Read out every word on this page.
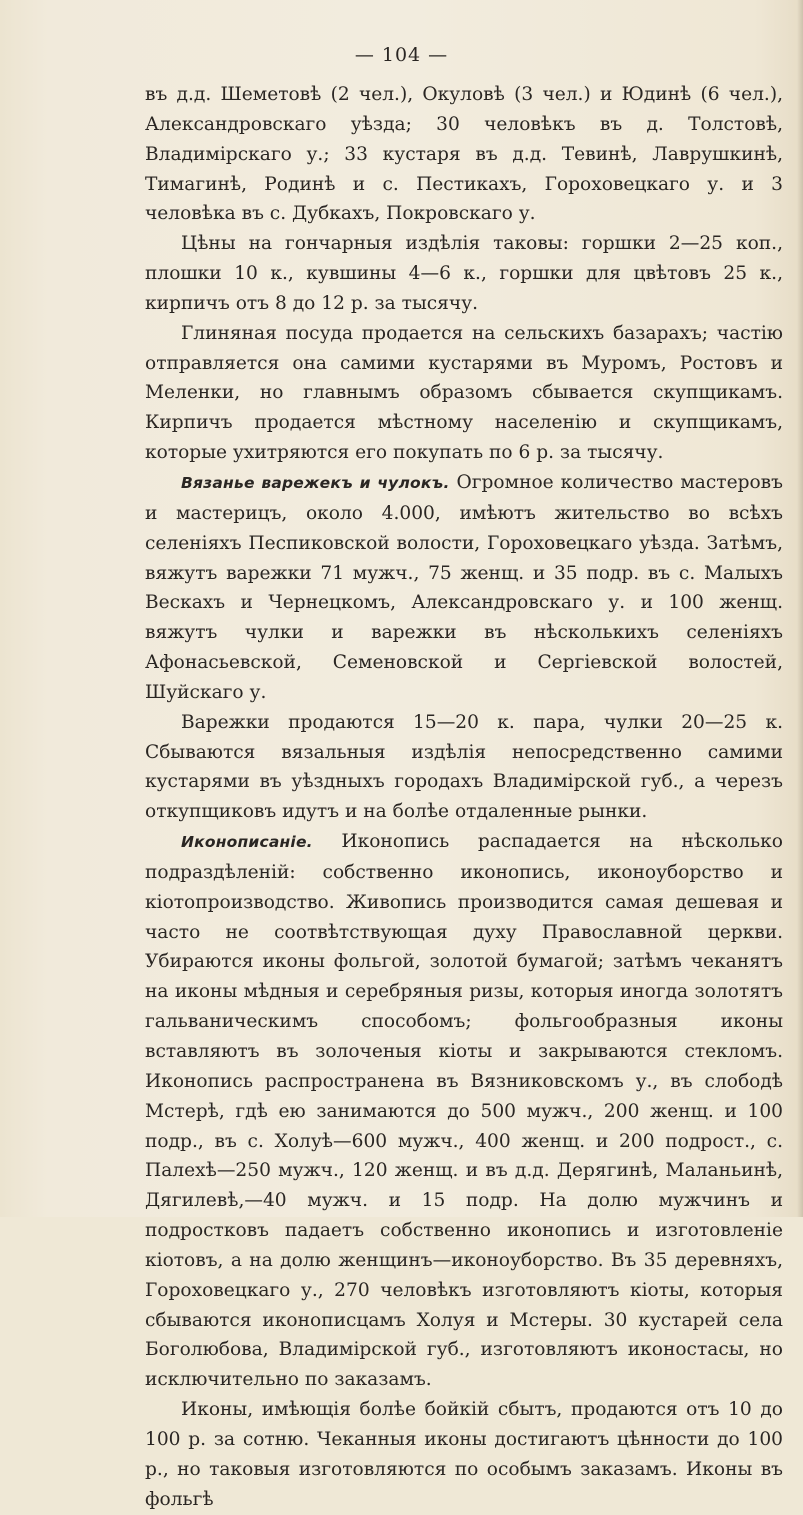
— 104 —

въ д.д. Шеметовѣ (2 чел.), Окуловѣ (3 чел.) и Юдинѣ (6 чел.), Александровскаго уѣзда; 30 человѣкъ въ д. Толстовѣ, Владимірскаго у.; 33 кустаря въ д.д. Тевинѣ, Лаврушкинѣ, Тимагинѣ, Родинѣ и с. Пестикахъ, Гороховецкаго у. и 3 человѣка въ с. Дубкахъ, Покровскаго у.

Цѣны на гончарныя издѣлія таковы: горшки 2—25 коп., плошки 10 к., кувшины 4—6 к., горшки для цвѣтовъ 25 к., кирпичъ отъ 8 до 12 р. за тысячу.

Глиняная посуда продается на сельскихъ базарахъ; частію отправляется она самими кустарями въ Муромъ, Ростовъ и Меленки, но главнымъ образомъ сбывается скупщикамъ. Кирпичъ продается мѣстному населенію и скупщикамъ, которые ухитряются его покупать по 6 р. за тысячу.

Вязанье варежекъ и чулокъ. Огромное количество мастеровъ и мастерицъ, около 4.000, имѣютъ жительство во всѣхъ селеніяхъ Песпиковской волости, Гороховецкаго уѣзда. Затѣмъ, вяжутъ варежки 71 мужч., 75 женщ. и 35 подр. въ с. Малыхъ Вескахъ и Чернецкомъ, Александровскаго у. и 100 женщ. вяжутъ чулки и варежки въ нѣсколькихъ селеніяхъ Афонасьевской, Семеновской и Сергіевской волостей, Шуйскаго у.

Варежки продаются 15—20 к. пара, чулки 20—25 к. Сбываются вязальныя издѣлія непосредственно самими кустарями въ уѣздныхъ городахъ Владимірской губ., а черезъ откупщиковъ идутъ и на болѣе отдаленные рынки.

Иконописаніе. Иконопись распадается на нѣсколько подраздѣленій: собственно иконопись, иконоуборство и кіотопроизводство. Живопись производится самая дешевая и часто не соотвѣтствующая духу Православной церкви. Убираются иконы фольгой, золотой бумагой; затѣмъ чеканятъ на иконы мѣдныя и серебряныя ризы, которыя иногда золотятъ гальваническимъ способомъ; фольгообразныя иконы вставляютъ въ золоченыя кіоты и закрываются стекломъ. Иконопись распространена въ Вязниковскомъ у., въ слободѣ Мстерѣ, гдѣ ею занимаются до 500 мужч., 200 женщ. и 100 подр., въ с. Холуѣ—600 мужч., 400 женщ. и 200 подрост., с. Палехѣ—250 мужч., 120 женщ. и въ д.д. Дерягинѣ, Маланьинѣ, Дягилевѣ,—40 мужч. и 15 подр. На долю мужчинъ и подростковъ падаетъ собственно иконопись и изготовленіе кіотовъ, а на долю женщинъ—иконоуборство. Въ 35 деревняхъ, Гороховецкаго у., 270 человѣкъ изготовляютъ кіоты, которыя сбываются иконописцамъ Холуя и Мстеры. 30 кустарей села Боголюбова, Владимірской губ., изготовляютъ иконостасы, но исключительно по заказамъ.

Иконы, имѣющія болѣе бойкій сбытъ, продаются отъ 10 до 100 р. за сотню. Чеканныя иконы достигаютъ цѣнности до 100 р., но таковыя изготовляются по особымъ заказамъ. Иконы въ фольгѣ
